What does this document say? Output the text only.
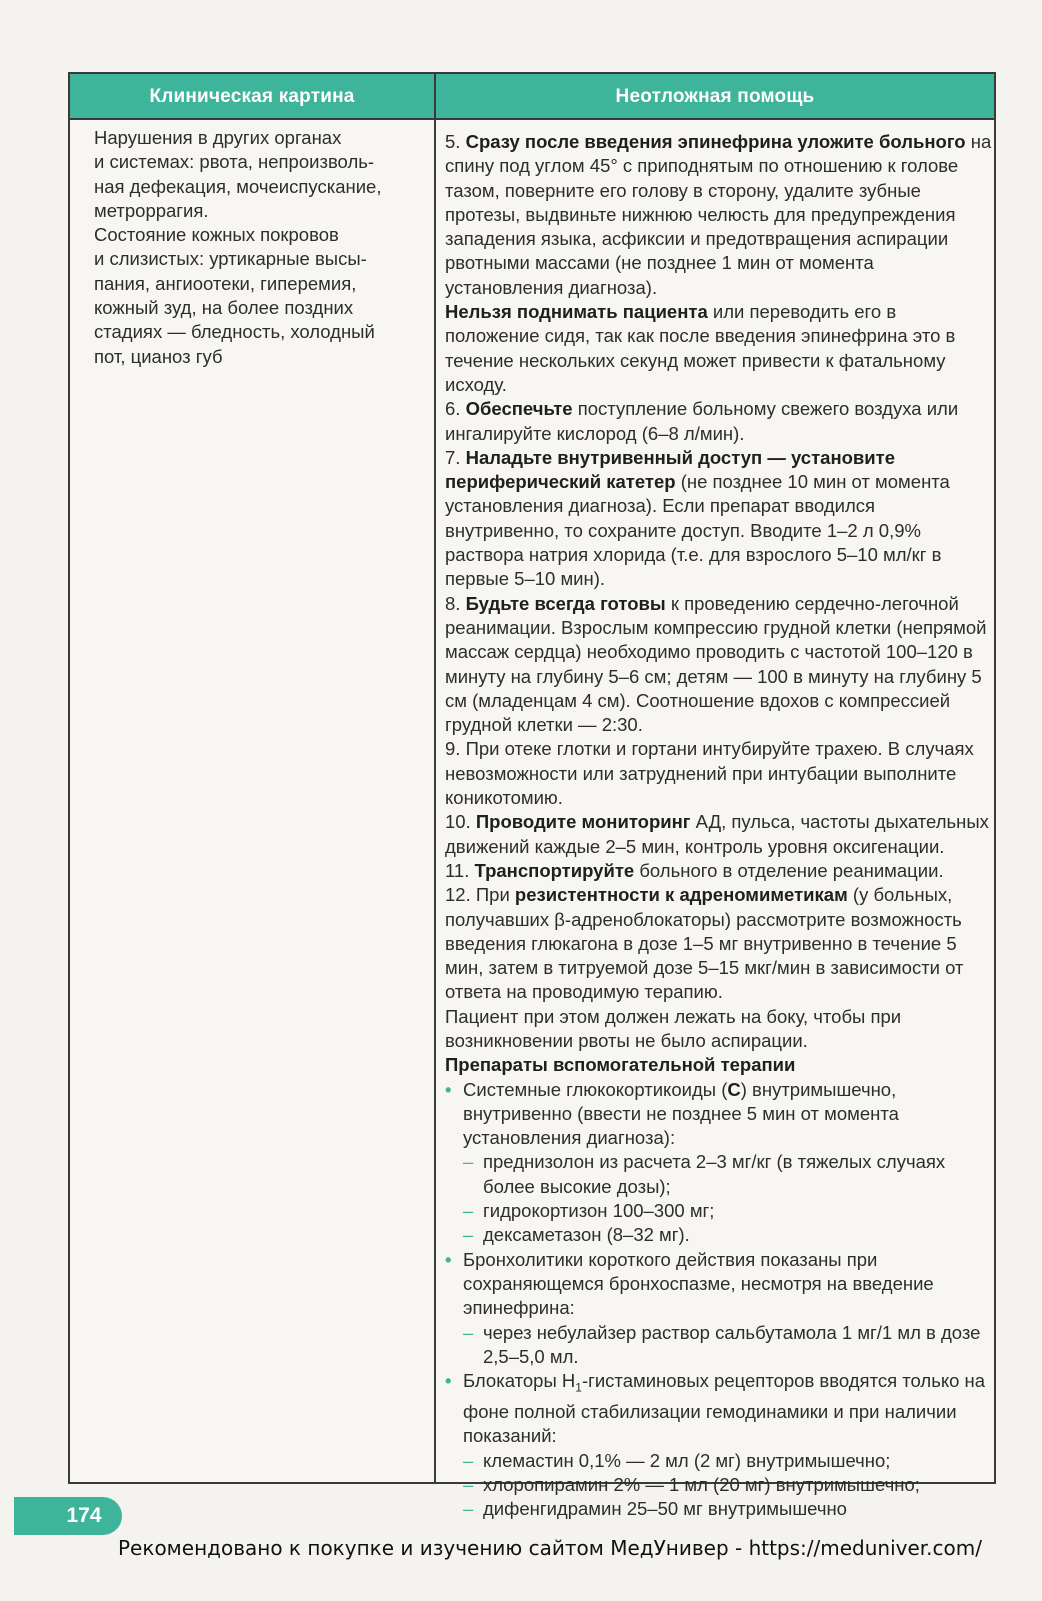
Клиническая картина	Неотложная помощь

Нарушения в других органах

и системах: рвота, непроизволь-

ная дефекация, мочеиспускание,

метроррагия.

Состояние кожных покровов

и слизистых: уртикарные высы-

пания, ангиоотеки, гиперемия,

кожный зуд, на более поздних

стадиях — бледность, холодный

пот, цианоз губ

5. Сразу после введения эпинефрина уложите больного на спину под углом 45° с приподнятым по отношению к голове тазом, поверните его голову в сторону, удалите зубные протезы, выдвиньте нижнюю челюсть для предупреждения западения языка, асфиксии и предотвращения аспирации рвотными массами (не позднее 1 мин от момента установления диагноза).

Нельзя поднимать пациента или переводить его в положение сидя, так как после введения эпинефрина это в течение нескольких секунд может привести к фатальному исходу.

6. Обеспечьте поступление больному свежего воздуха или ингалируйте кислород (6–8 л/мин).

7. Наладьте внутривенный доступ — установите периферический катетер (не позднее 10 мин от момента установления диагноза). Если препарат вводился внутривенно, то сохраните доступ. Вводите 1–2 л 0,9% раствора натрия хлорида (т.е. для взрослого 5–10 мл/кг в первые 5–10 мин).

8. Будьте всегда готовы к проведению сердечно-легочной реанимации. Взрослым компрессию грудной клетки (непрямой массаж сердца) необходимо проводить с частотой 100–120 в минуту на глубину 5–6 см; детям — 100 в минуту на глубину 5 см (младенцам 4 см). Соотношение вдохов с компрессией грудной клетки — 2:30.

9. При отеке глотки и гортани интубируйте трахею. В случаях невозможности или затруднений при интубации выполните коникотомию.

10. Проводите мониторинг АД, пульса, частоты дыхательных движений каждые 2–5 мин, контроль уровня оксигенации.

11. Транспортируйте больного в отделение реанимации.

12. При резистентности к адреномиметикам (у больных, получавших β-адреноблокаторы) рассмотрите возможность введения глюкагона в дозе 1–5 мг внутривенно в течение 5 мин, затем в титруемой дозе 5–15 мкг/мин в зависимости от ответа на проводимую терапию.

Пациент при этом должен лежать на боку, чтобы при возникновении рвоты не было аспирации.

Препараты вспомогательной терапии

• Системные глюкокортикоиды (С) внутримышечно, внутривенно (ввести не позднее 5 мин от момента установления диагноза):
– преднизолон из расчета 2–3 мг/кг (в тяжелых случаях более высокие дозы);
– гидрокортизон 100–300 мг;
– дексаметазон (8–32 мг).
• Бронхолитики короткого действия показаны при сохраняющемся бронхоспазме, несмотря на введение эпинефрина:
– через небулайзер раствор сальбутамола 1 мг/1 мл в дозе 2,5–5,0 мл.
• Блокаторы $Н_1$-гистаминовых рецепторов вводятся только на фоне полной стабилизации гемодинамики и при наличии показаний:
– клемастин 0,1% — 2 мл (2 мг) внутримышечно;
– хлоропирамин 2% — 1 мл (20 мг) внутримышечно;
– дифенгидрамин 25–50 мг внутримышечно
174
Рекомендовано к покупке и изучению сайтом МедУнивер - https://meduniver.com/
